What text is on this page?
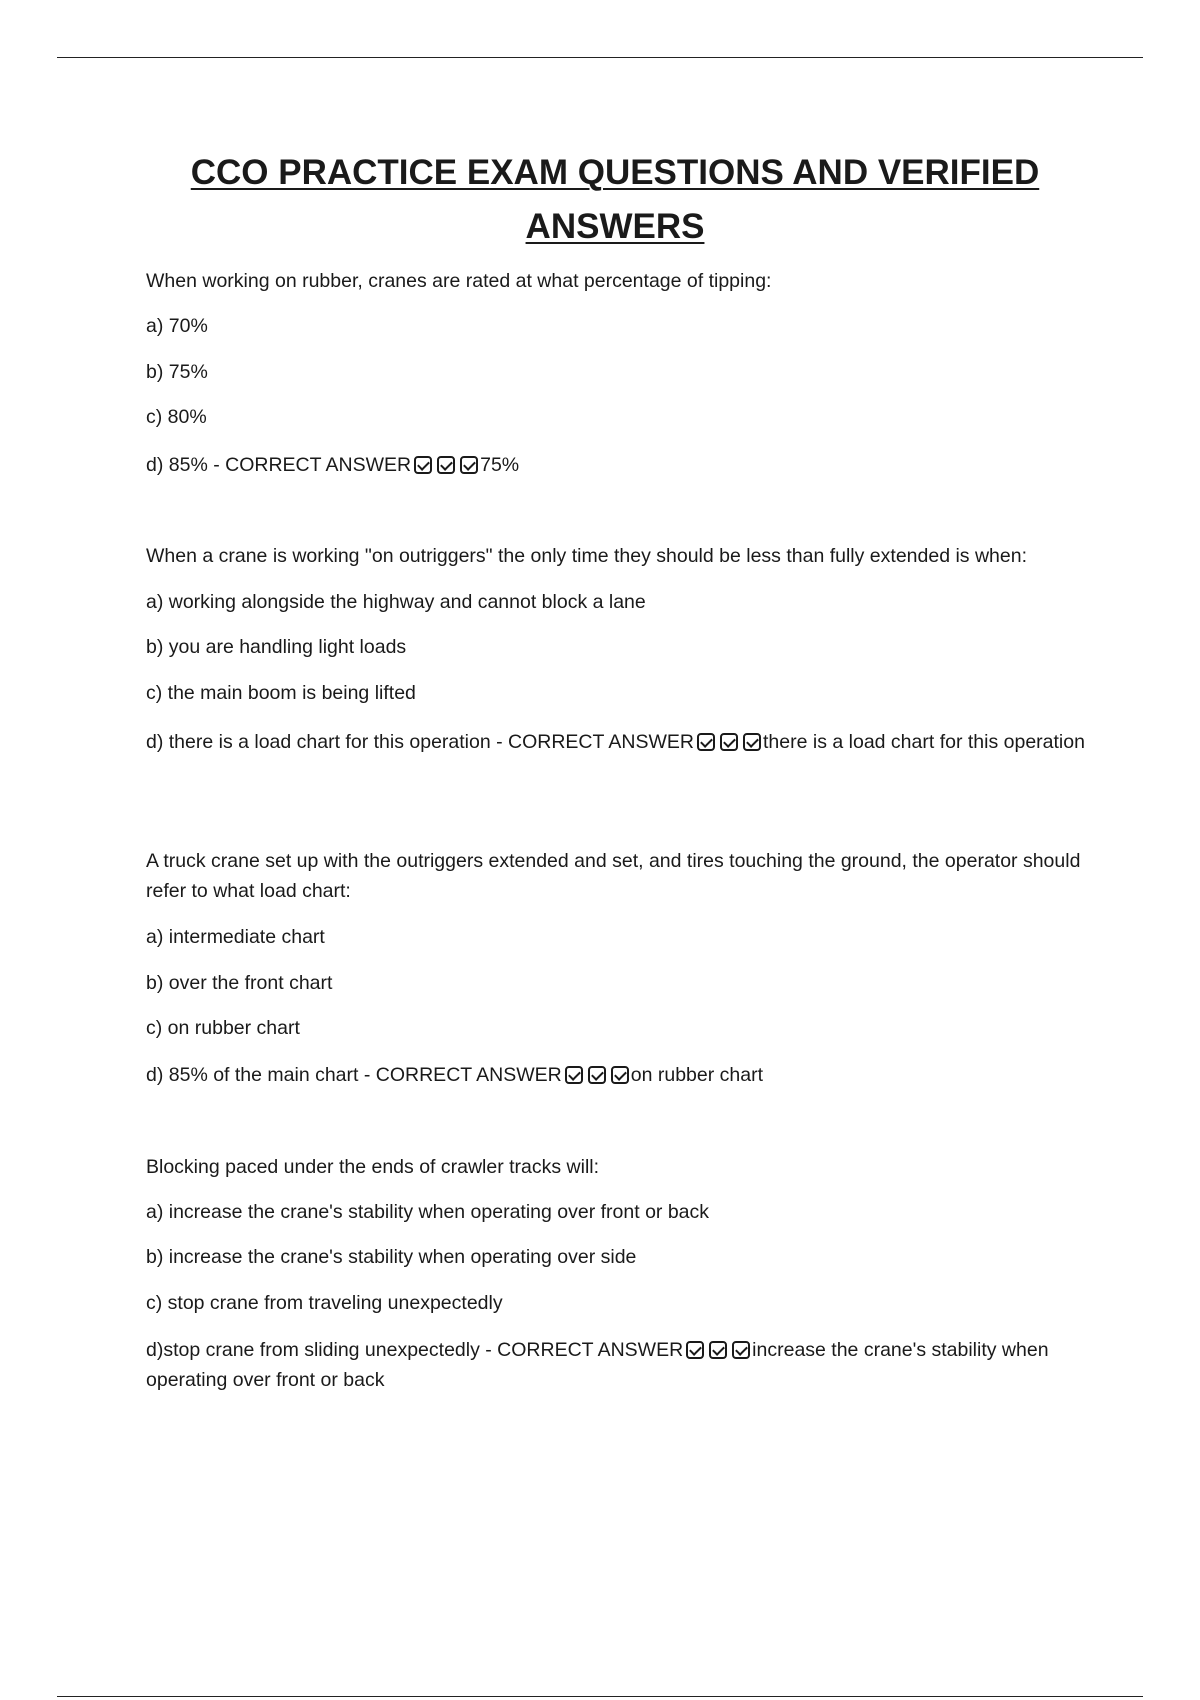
CCO PRACTICE EXAM QUESTIONS AND VERIFIED
ANSWERS

When working on rubber, cranes are rated at what percentage of tipping:

a) 70%

b) 75%

c) 80%

d) 85% - CORRECT ANSWER	75%

When a crane is working "on outriggers" the only time they should be less than fully extended is when:

a) working alongside the highway and cannot block a lane

b) you are handling light loads

c) the main boom is being lifted

d) there is a load chart for this operation - CORRECT ANSWER	there is a load chart for this operation

A truck crane set up with the outriggers extended and set, and tires touching the ground, the operator should refer to what load chart:

a) intermediate chart

b) over the front chart

c) on rubber chart

d) 85% of the main chart - CORRECT ANSWER	on rubber chart

Blocking paced under the ends of crawler tracks will:

a) increase the crane's stability when operating over front or back

b) increase the crane's stability when operating over side

c) stop crane from traveling unexpectedly

d)stop crane from sliding unexpectedly - CORRECT ANSWER	increase the crane's stability when operating over front or back
